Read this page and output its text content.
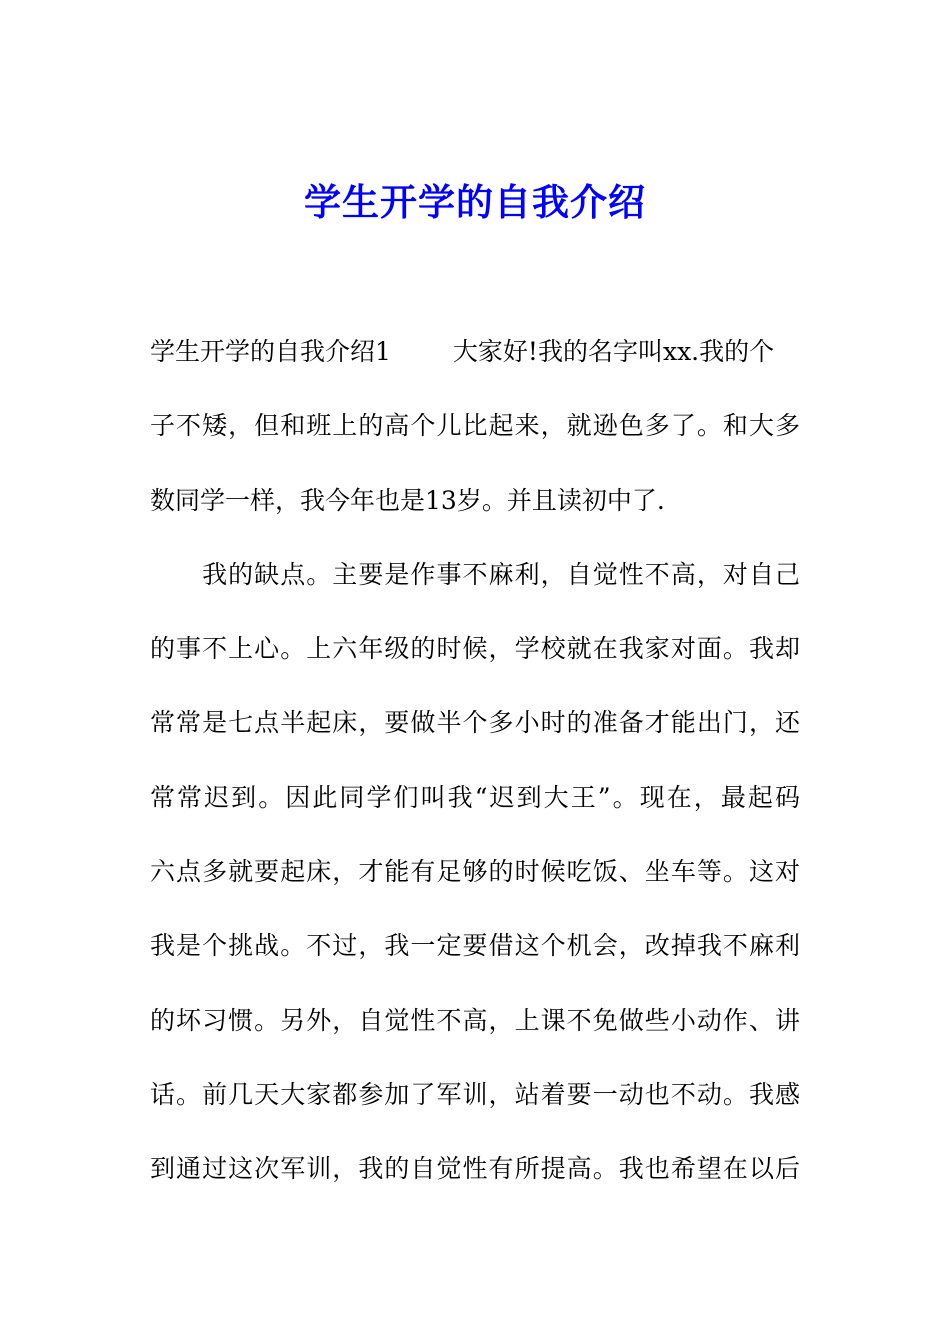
学生开学的自我介绍
学生开学的自我介绍1 大家好!我的名字叫xx.我的个
子不矮，但和班上的高个儿比起来，就逊色多了。和大多
数同学一样，我今年也是13岁。并且读初中了.
　　我的缺点。主要是作事不麻利，自觉性不高，对自己
的事不上心。上六年级的时候，学校就在我家对面。我却
常常是七点半起床，要做半个多小时的准备才能出门，还
常常迟到。因此同学们叫我“迟到大王”。现在，最起码
六点多就要起床，才能有足够的时候吃饭、坐车等。这对
我是个挑战。不过，我一定要借这个机会，改掉我不麻利
的坏习惯。另外，自觉性不高，上课不免做些小动作、讲
话。前几天大家都参加了军训，站着要一动也不动。我感
到通过这次军训，我的自觉性有所提高。我也希望在以后
